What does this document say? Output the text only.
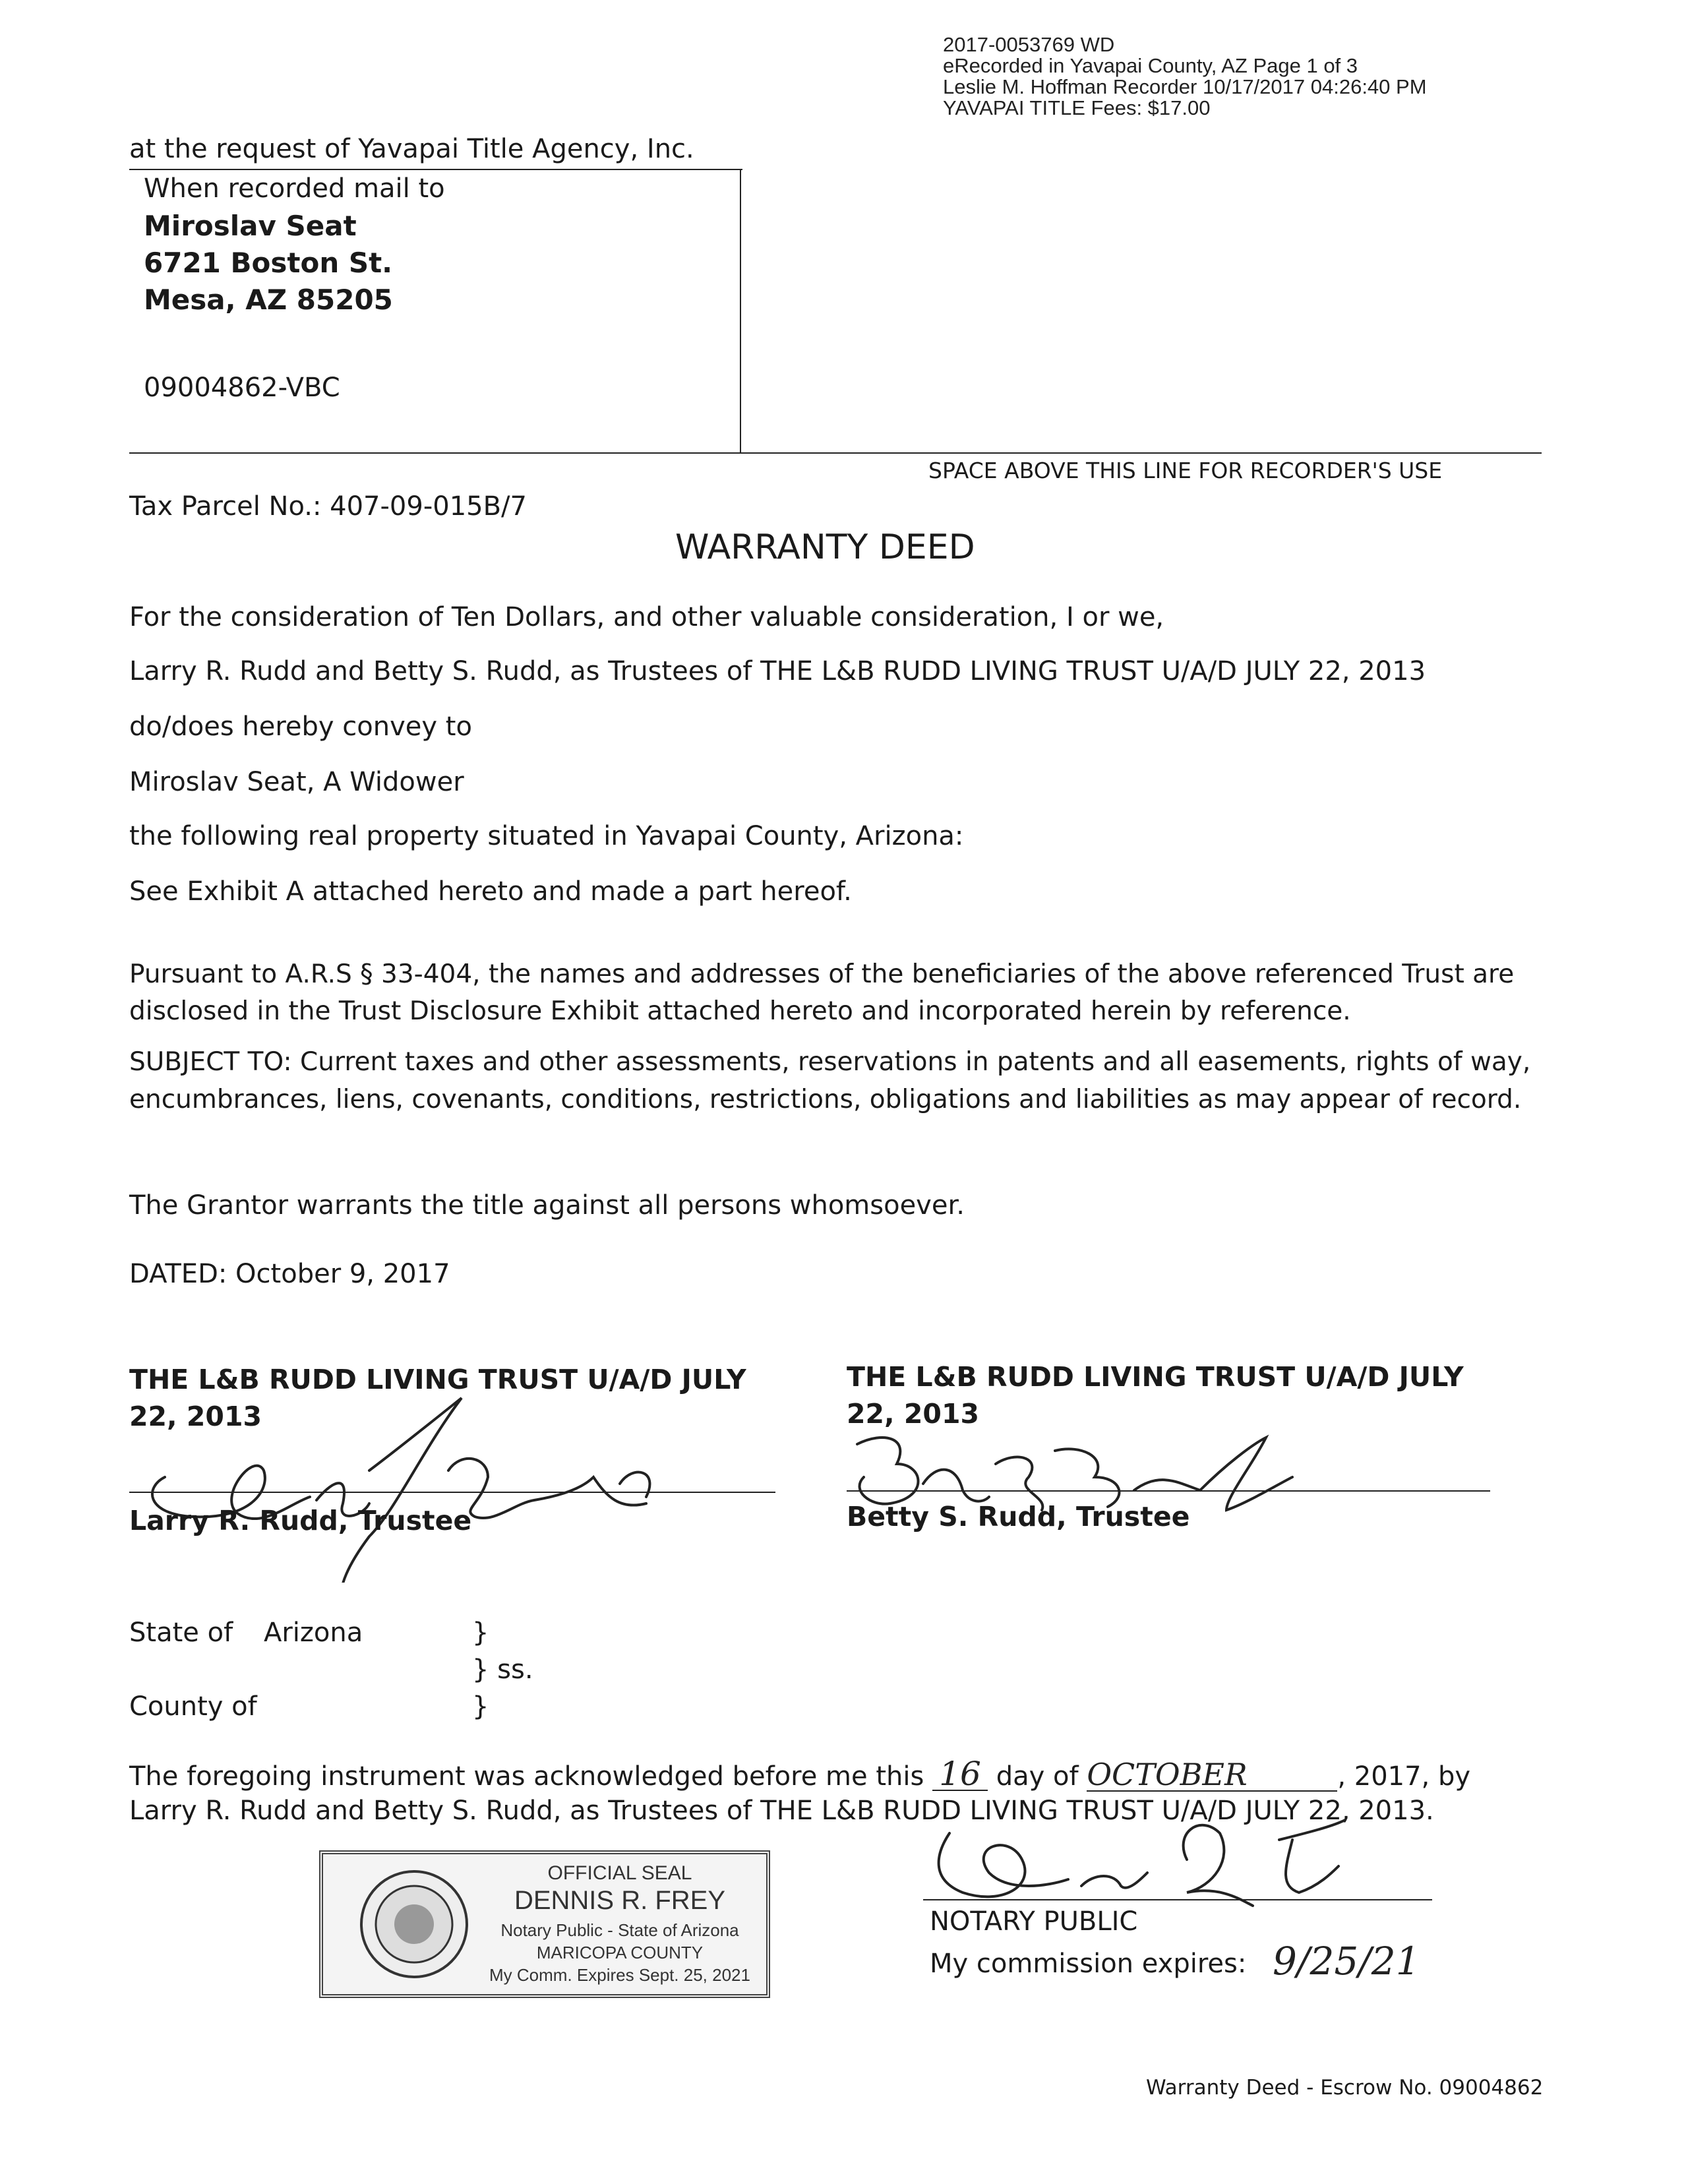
2017-0053769 WD
eRecorded in Yavapai County, AZ Page 1 of 3
Leslie M. Hoffman Recorder 10/17/2017 04:26:40 PM
YAVAPAI TITLE Fees: $17.00
at the request of Yavapai Title Agency, Inc.
When recorded mail to
Miroslav Seat
6721 Boston St.
Mesa, AZ 85205
09004862-VBC
SPACE ABOVE THIS LINE FOR RECORDER'S USE
Tax Parcel No.: 407-09-015B/7
WARRANTY DEED
For the consideration of Ten Dollars, and other valuable consideration, I or we,
Larry R. Rudd and Betty S. Rudd, as Trustees of THE L&B RUDD LIVING TRUST U/A/D JULY 22, 2013
do/does hereby convey to
Miroslav Seat, A Widower
the following real property situated in Yavapai County, Arizona:
See Exhibit A attached hereto and made a part hereof.
Pursuant to A.R.S § 33-404, the names and addresses of the beneficiaries of the above referenced Trust are disclosed in the Trust Disclosure Exhibit attached hereto and incorporated herein by reference.
SUBJECT TO: Current taxes and other assessments, reservations in patents and all easements, rights of way, encumbrances, liens, covenants, conditions, restrictions, obligations and liabilities as may appear of record.
The Grantor warrants the title against all persons whomsoever.
DATED: October 9, 2017
THE L&B RUDD LIVING TRUST U/A/D JULY
22, 2013
Larry R. Rudd, Trustee
THE L&B RUDD LIVING TRUST U/A/D JULY
22, 2013
Betty S. Rudd, Trustee
State of Arizona	}
} ss.
}
County of
The foregoing instrument was acknowledged before me this 16 day of OCTOBER	, 2017, by
Larry R. Rudd and Betty S. Rudd, as Trustees of THE L&B RUDD LIVING TRUST U/A/D JULY 22, 2013.
OFFICIAL SEAL
DENNIS R. FREY
Notary Public - State of Arizona
MARICOPA COUNTY
My Comm. Expires Sept. 25, 2021
NOTARY PUBLIC
My commission expires: 9/25/21
Warranty Deed - Escrow No. 09004862
